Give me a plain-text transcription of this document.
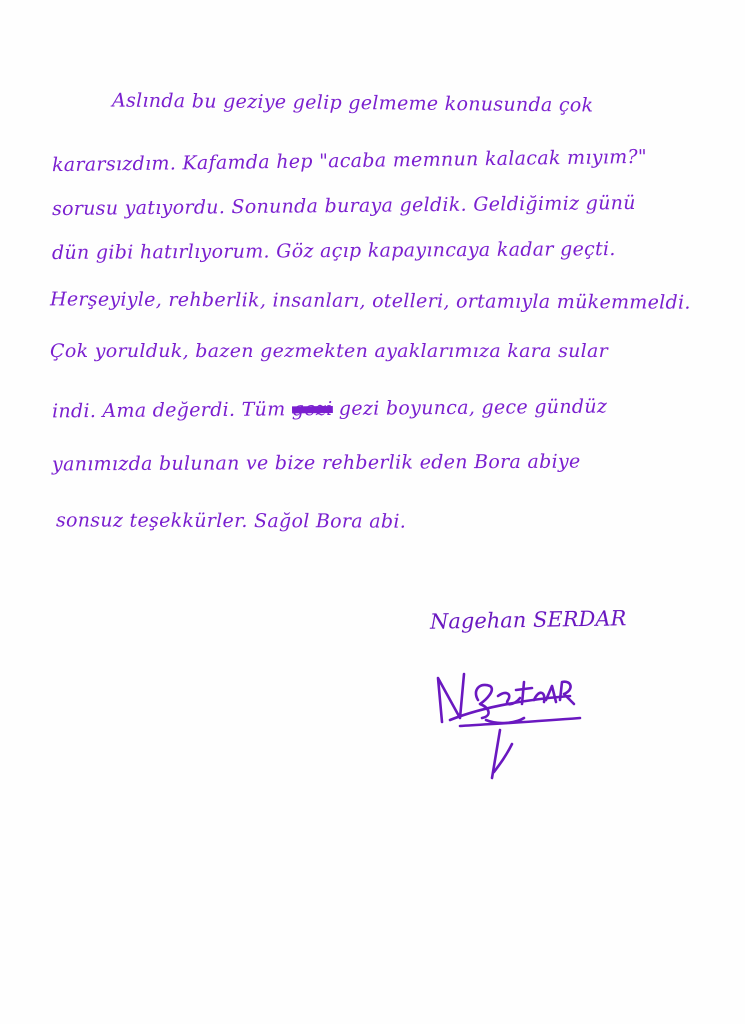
Aslında bu geziye gelip gelmeme konusunda çok
kararsızdım. Kafamda hep "acaba memnun kalacak mıyım?"
sorusu yatıyordu. Sonunda buraya geldik. Geldiğimiz günü
dün gibi hatırlıyorum. Göz açıp kapayıncaya kadar geçti.
Herşeyiyle, rehberlik, insanları, otelleri, ortamıyla mükemmeldi.
Çok yorulduk, bazen gezmekten ayaklarımıza kara sular
indi. Ama değerdi. Tüm gezi gezi boyunca, gece gündüz
yanımızda bulunan ve bize rehberlik eden Bora abiye
sonsuz teşekkürler. Sağol Bora abi.
Nagehan SERDAR
